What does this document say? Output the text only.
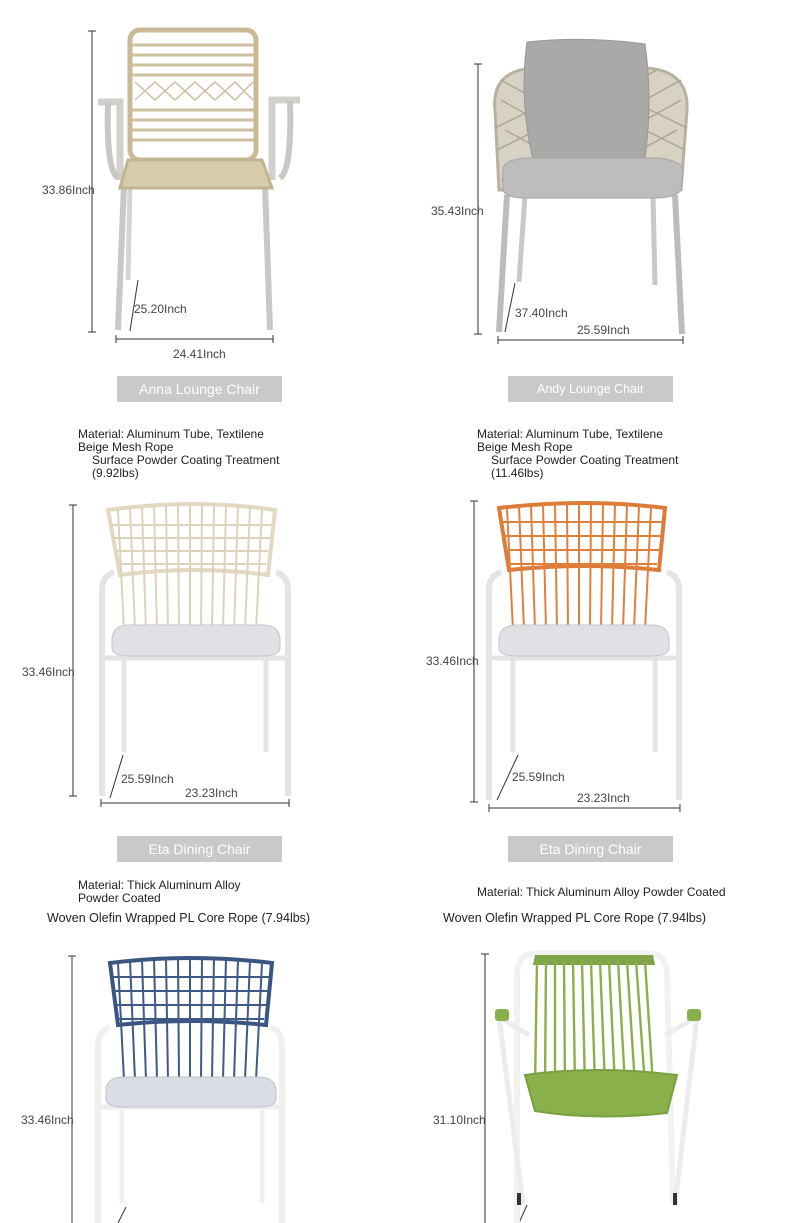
33.86Inch
25.20Inch
24.41Inch
Anna Lounge Chair
Material: Aluminum Tube, Textilene
Beige Mesh Rope
Surface Powder Coating Treatment
(9.92lbs)
35.43Inch
37.40Inch
25.59Inch
Andy Lounge Chair
Material: Aluminum Tube, Textilene
Beige Mesh Rope
Surface Powder Coating Treatment
(11.46lbs)
33.46Inch
25.59Inch
23.23Inch
Eta Dining Chair
Material: Thick Aluminum Alloy
Powder Coated
Woven Olefin Wrapped PL Core Rope (7.94lbs)
33.46Inch
25.59Inch
23.23Inch
Eta Dining Chair
Material: Thick Aluminum Alloy Powder Coated
Woven Olefin Wrapped PL Core Rope (7.94lbs)
33.46Inch	31.10Inch
